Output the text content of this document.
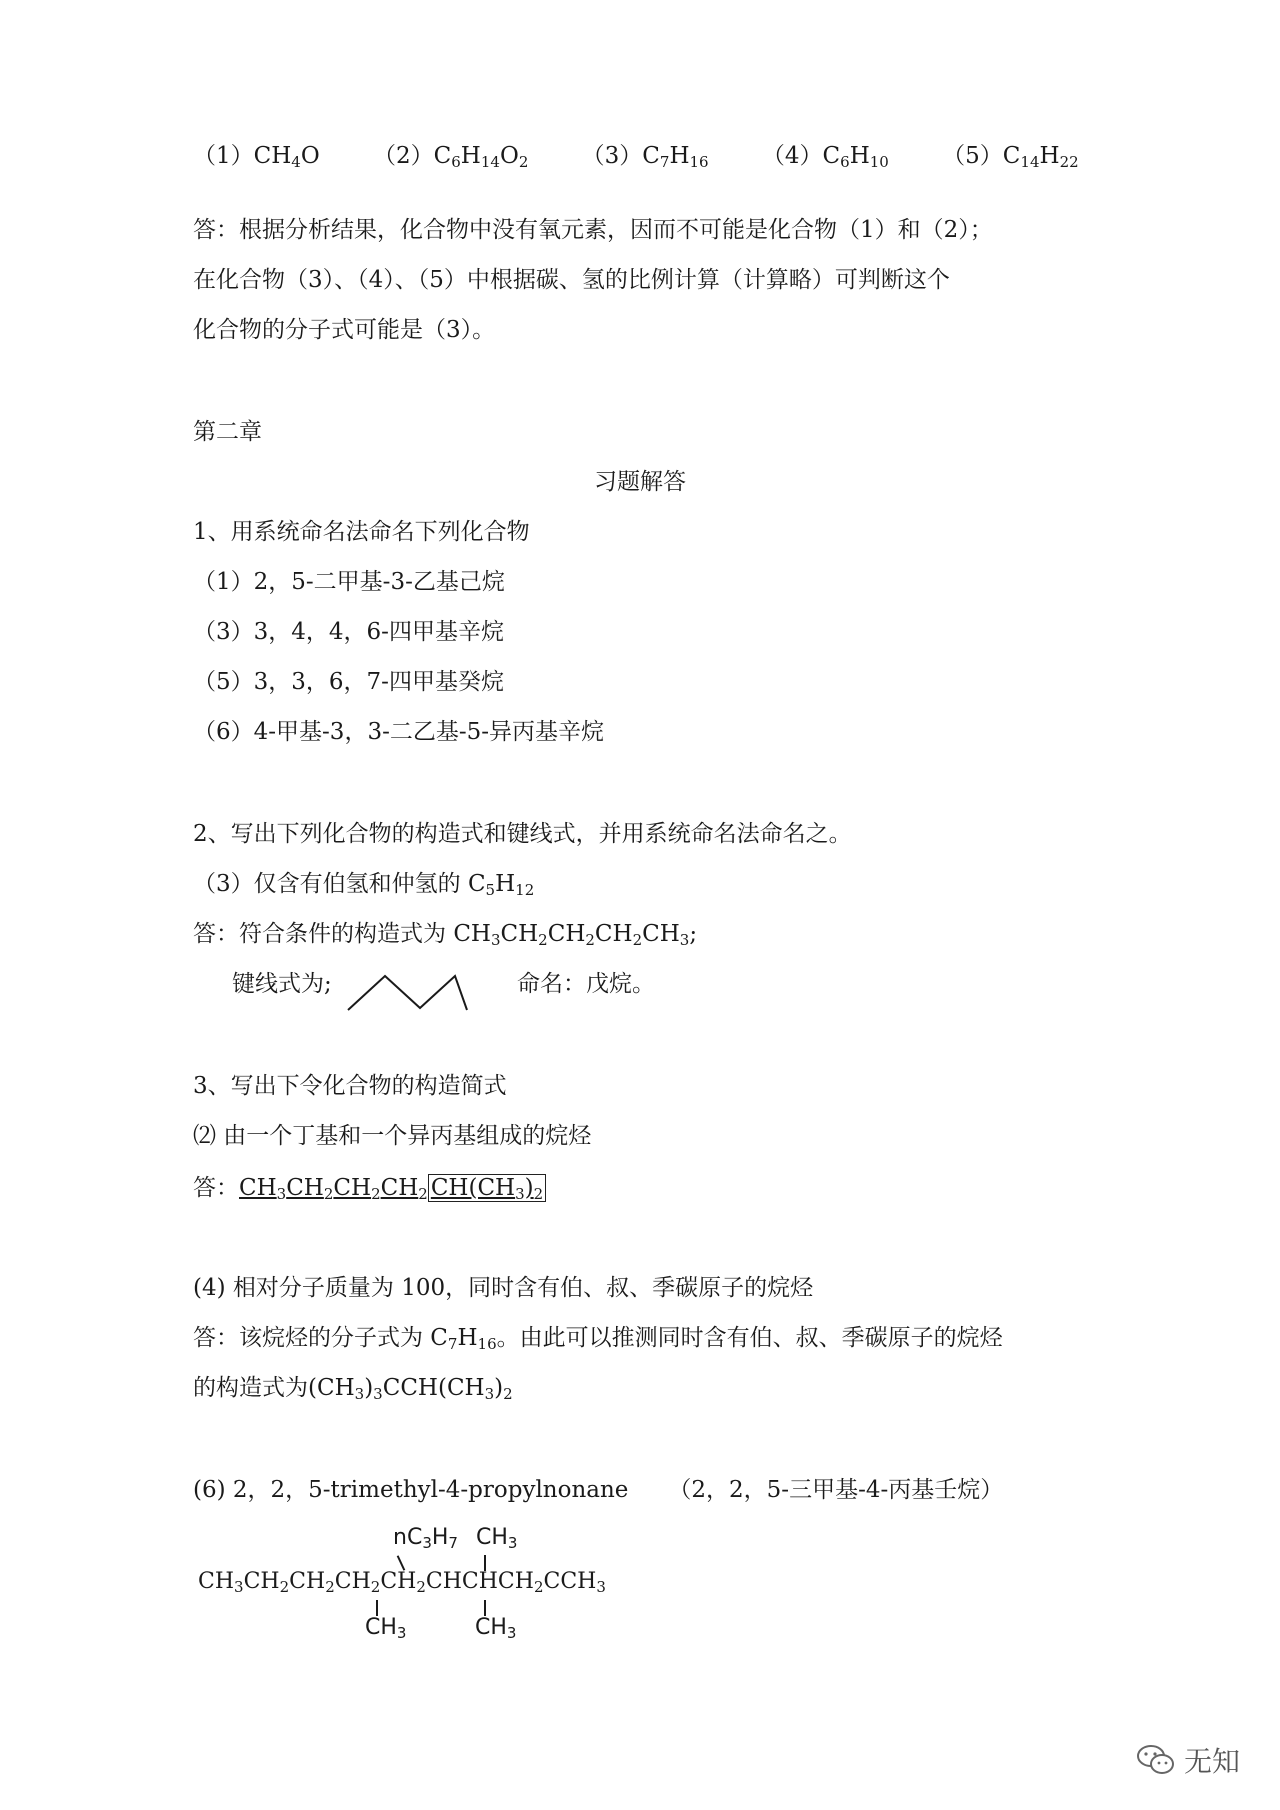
$(1)CH_4O$ $(2)C_6H_{14}O_2$ $(3)C_7H_{16}$ $(4)C_6H_{10}$ $(5)C_{14}H_{22}$
答：根据分析结果，化合物中没有氧元素，因而不可能是化合物（1）和（2）；
在化合物（3）、（4）、（5）中根据碳、氢的比例计算（计算略）可判断这个
化合物的分子式可能是（3）。
第二章
习题解答
1、用系统命名法命名下列化合物
（1）2，5-二甲基-3-乙基己烷
（3）3，4，4，6-四甲基辛烷
（5）3，3，6，7-四甲基癸烷
（6）4-甲基-3，3-二乙基-5-异丙基辛烷
2、写出下列化合物的构造式和键线式，并用系统命名法命名之。
（3）仅含有伯氢和仲氢的 $C_5H_{12}$
答：符合条件的构造式为 $CH_3CH_2CH_2CH_2CH_3$;
键线式为;	命名：戊烷。
3、写出下令化合物的构造简式
⑵ 由一个丁基和一个异丙基组成的烷烃
答：$CH_3CH_2CH_2CH_2$ $CH(CH_3)_2$
(4) 相对分子质量为 100，同时含有伯、叔、季碳原子的烷烃
答：该烷烃的分子式为 $C_7H_{16}$。由此可以推测同时含有伯、叔、季碳原子的烷烃
的构造式为$(CH_3)_3CCH(CH_3)_2$
(6) 2，2，5-trimethyl-4-propylnonane （2，2，5-三甲基-4-丙基壬烷）
$nC_3H_7$ $CH_3$
$CH_3CH_2CH_2CH_2CH_2CHCHCH_2CCH_3$
$CH_3$	$CH_3$
无知
